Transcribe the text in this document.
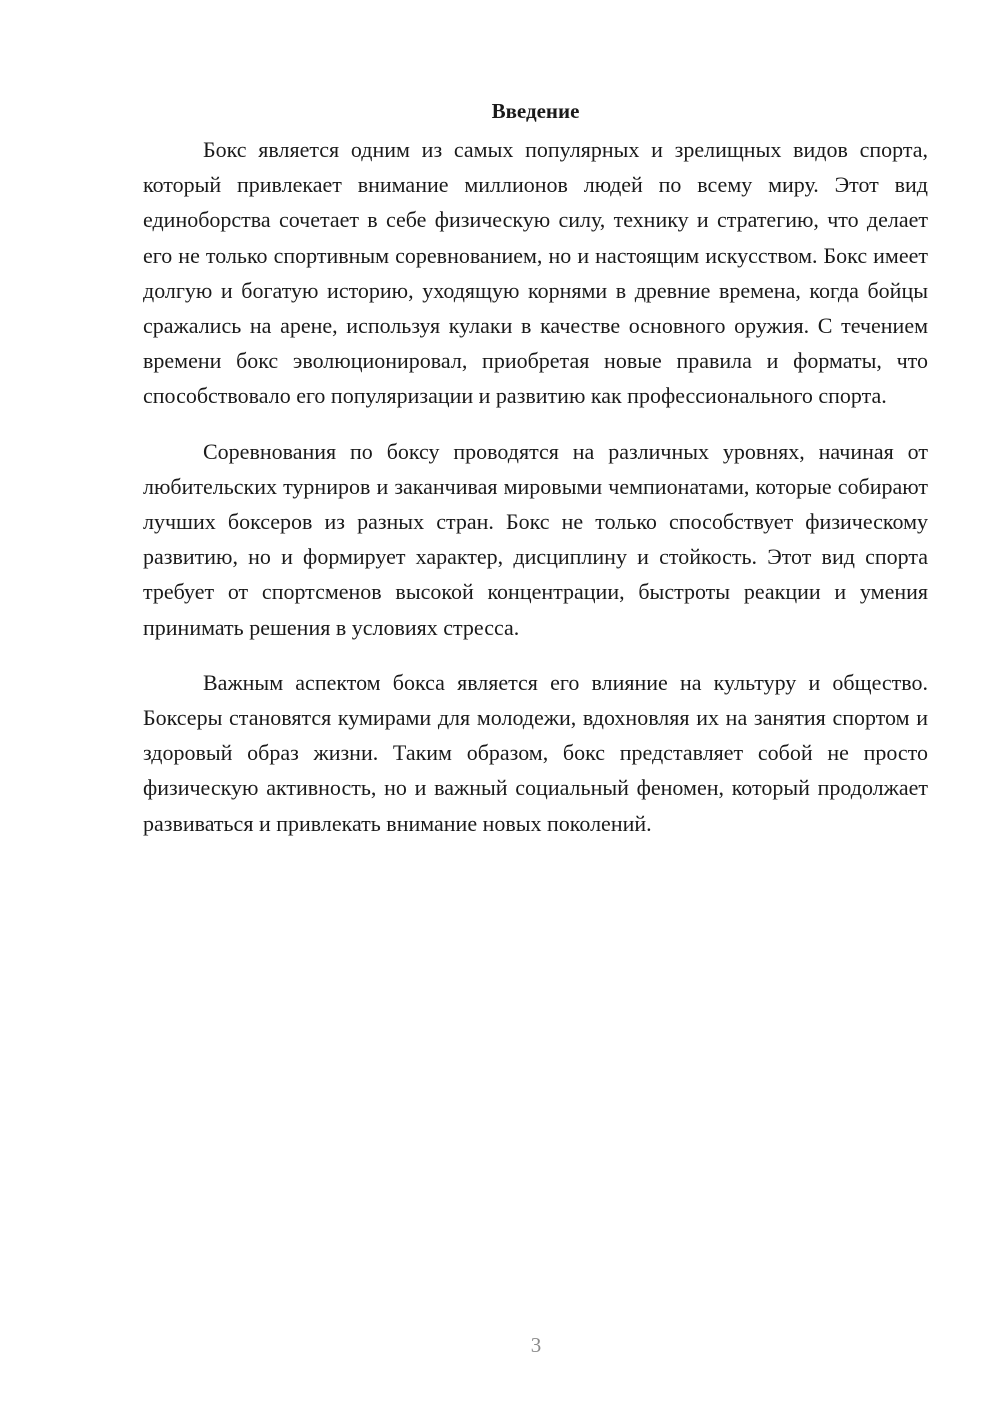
Введение

Бокс является одним из самых популярных и зрелищных видов спорта, который привлекает внимание миллионов людей по всему миру. Этот вид единоборства сочетает в себе физическую силу, технику и стратегию, что делает его не только спортивным соревнованием, но и настоящим искусством. Бокс имеет долгую и богатую историю, уходящую корнями в древние времена, когда бойцы сражались на арене, используя кулаки в качестве основного оружия. С течением времени бокс эволюционировал, приобретая новые правила и форматы, что способствовало его популяризации и развитию как профессионального спорта.

Соревнования по боксу проводятся на различных уровнях, начиная от любительских турниров и заканчивая мировыми чемпионатами, которые собирают лучших боксеров из разных стран. Бокс не только способствует физическому развитию, но и формирует характер, дисциплину и стойкость. Этот вид спорта требует от спортсменов высокой концентрации, быстроты реакции и умения принимать решения в условиях стресса.

Важным аспектом бокса является его влияние на культуру и общество. Боксеры становятся кумирами для молодежи, вдохновляя их на занятия спортом и здоровый образ жизни. Таким образом, бокс представляет собой не просто физическую активность, но и важный социальный феномен, который продолжает развиваться и привлекать внимание новых поколений.

3
